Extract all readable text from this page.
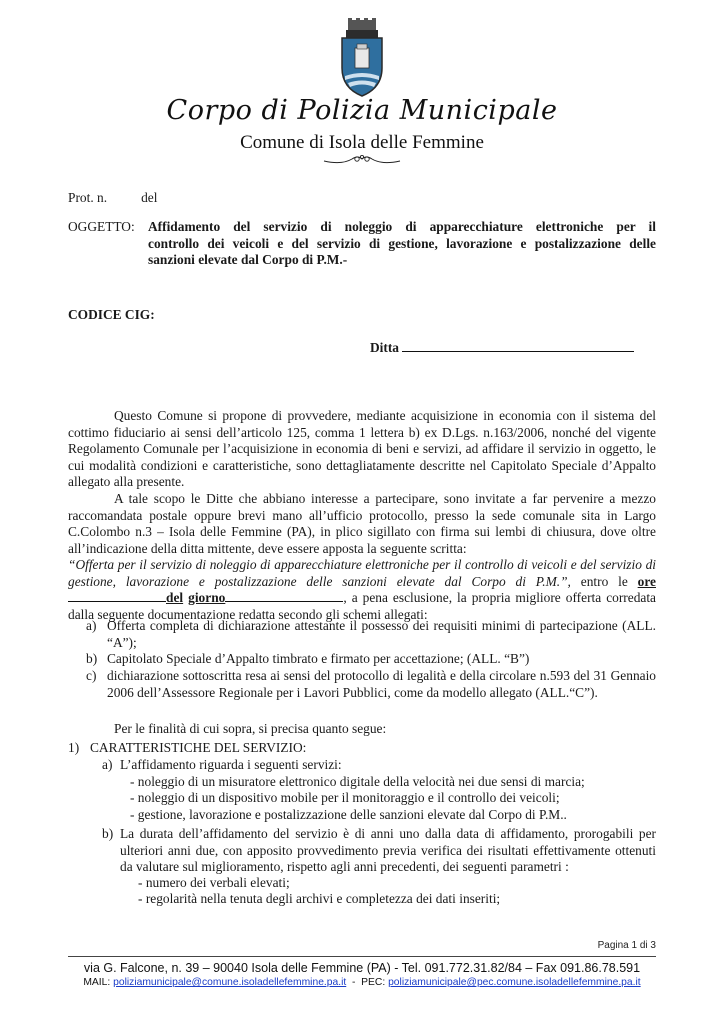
Corpo di Polizia Municipale
Comune di Isola delle Femmine
Prot. n.	del
OGGETTO: Affidamento del servizio di noleggio di apparecchiature elettroniche per il
controllo dei veicoli e del servizio di gestione, lavorazione e postalizzazione delle
sanzioni elevate dal Corpo di P.M.-
CODICE CIG:
Ditta
Questo Comune si propone di provvedere, mediante acquisizione in economia con il sistema del cottimo fiduciario ai sensi dell’articolo 125, comma 1 lettera b) ex D.Lgs. n.163/2006, nonché del vigente Regolamento Comunale per l’acquisizione in economia di beni e servizi, ad affidare il servizio in oggetto, le cui modalità condizioni e caratteristiche, sono dettagliatamente descritte nel Capitolato Speciale d’Appalto allegato alla presente.
A tale scopo le Ditte che abbiano interesse a partecipare, sono invitate a far pervenire a mezzo raccomandata postale oppure brevi mano all’ufficio protocollo, presso la sede comunale sita in Largo C.Colombo n.3 – Isola delle Femmine (PA), in plico sigillato con firma sui lembi di chiusura, dove oltre all’indicazione della ditta mittente, deve essere apposta la seguente scritta:
“Offerta per il servizio di noleggio di apparecchiature elettroniche per il controllo di veicoli e del servizio di gestione, lavorazione e postalizzazione delle sanzioni elevate dal Corpo di P.M.”, entro le oredel giorno	, a pena esclusione, la propria migliore offerta corredata dalla seguente documentazione redatta secondo gli schemi allegati:
a) Offerta completa di dichiarazione attestante il possesso dei requisiti minimi di partecipazione (ALL. “A”);
b) Capitolato Speciale d’Appalto timbrato e firmato per accettazione; (ALL. “B”)
c) dichiarazione sottoscritta resa ai sensi del protocollo di legalità e della circolare n.593 del 31 Gennaio 2006 dell’Assessore Regionale per i Lavori Pubblici, come da modello allegato (ALL.“C”).
Per le finalità di cui sopra, si precisa quanto segue:
1) CARATTERISTICHE DEL SERVIZIO:
a) L’affidamento riguarda i seguenti servizi:
- noleggio di un misuratore elettronico digitale della velocità nei due sensi di marcia;
- noleggio di un dispositivo mobile per il monitoraggio e il controllo dei veicoli;
- gestione, lavorazione e postalizzazione delle sanzioni elevate dal Corpo di P.M..
b) La durata dell’affidamento del servizio è di anni uno dalla data di affidamento, prorogabili per ulteriori anni due, con apposito provvedimento previa verifica dei risultati effettivamente ottenuti da valutare sul miglioramento, rispetto agli anni precedenti, dei seguenti parametri :
- numero dei verbali elevati;
- regolarità nella tenuta degli archivi e completezza dei dati inseriti;
Pagina 1 di 3
via G. Falcone, n. 39 – 90040 Isola delle Femmine (PA) - Tel. 091.772.31.82/84 – Fax 091.86.78.591
MAIL: poliziamunicipale@comune.isoladellefemmine.pa.it - PEC: poliziamunicipale@pec.comune.isoladellefemmine.pa.it
